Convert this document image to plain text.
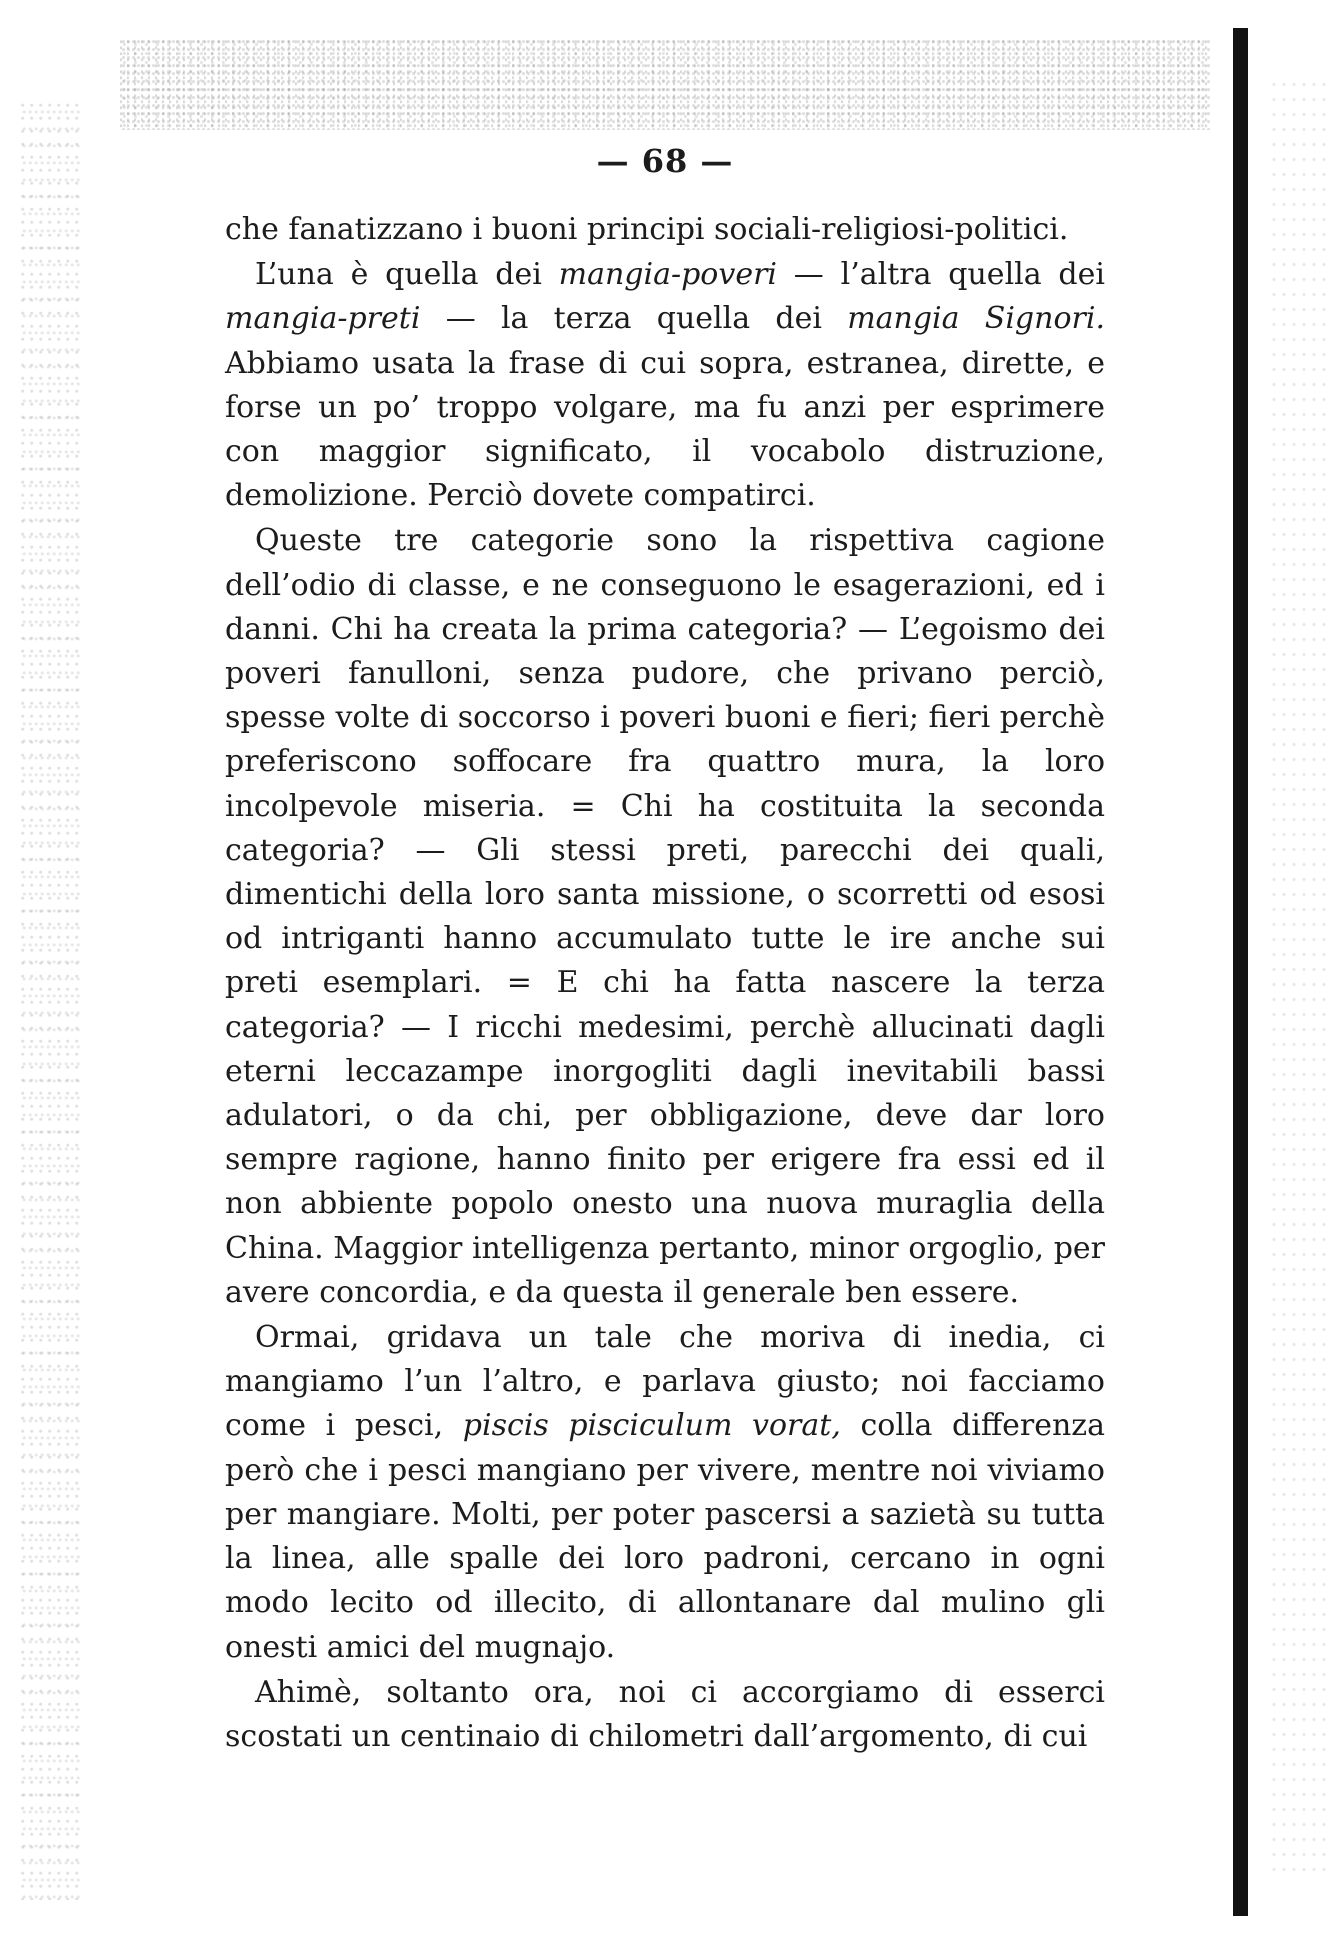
— 68 —

che fanatizzano i buoni principi sociali-religiosi-politici.

L’una è quella dei mangia-poveri — l’altra quella dei mangia-preti — la terza quella dei mangia Signori. Abbiamo usata la frase di cui sopra, estranea, dirette, e forse un po’ troppo volgare, ma fu anzi per esprimere con maggior significato, il vocabolo distruzione, demolizione. Perciò dovete compatirci.

Queste tre categorie sono la rispettiva cagione dell’odio di classe, e ne conseguono le esagerazioni, ed i danni. Chi ha creata la prima categoria? — L’egoismo dei poveri fanulloni, senza pudore, che privano perciò, spesse volte di soccorso i poveri buoni e fieri; fieri perchè preferiscono soffocare fra quattro mura, la loro incolpevole miseria. = Chi ha costituita la seconda categoria? — Gli stessi preti, parecchi dei quali, dimentichi della loro santa missione, o scorretti od esosi od intriganti hanno accumulato tutte le ire anche sui preti esemplari. = E chi ha fatta nascere la terza categoria? — I ricchi medesimi, perchè allucinati dagli eterni leccazampe inorgogliti dagli inevitabili bassi adulatori, o da chi, per obbligazione, deve dar loro sempre ragione, hanno finito per erigere fra essi ed il non abbiente popolo onesto una nuova muraglia della China. Maggior intelligenza pertanto, minor orgoglio, per avere concordia, e da questa il generale ben essere.

Ormai, gridava un tale che moriva di inedia, ci mangiamo l’un l’altro, e parlava giusto; noi facciamo come i pesci, piscis pisciculum vorat, colla differenza però che i pesci mangiano per vivere, mentre noi viviamo per mangiare. Molti, per poter pascersi a sazietà su tutta la linea, alle spalle dei loro padroni, cercano in ogni modo lecito od illecito, di allontanare dal mulino gli onesti amici del mugnajo.

Ahimè, soltanto ora, noi ci accorgiamo di esserci scostati un centinaio di chilometri dall’argomento, di cui
